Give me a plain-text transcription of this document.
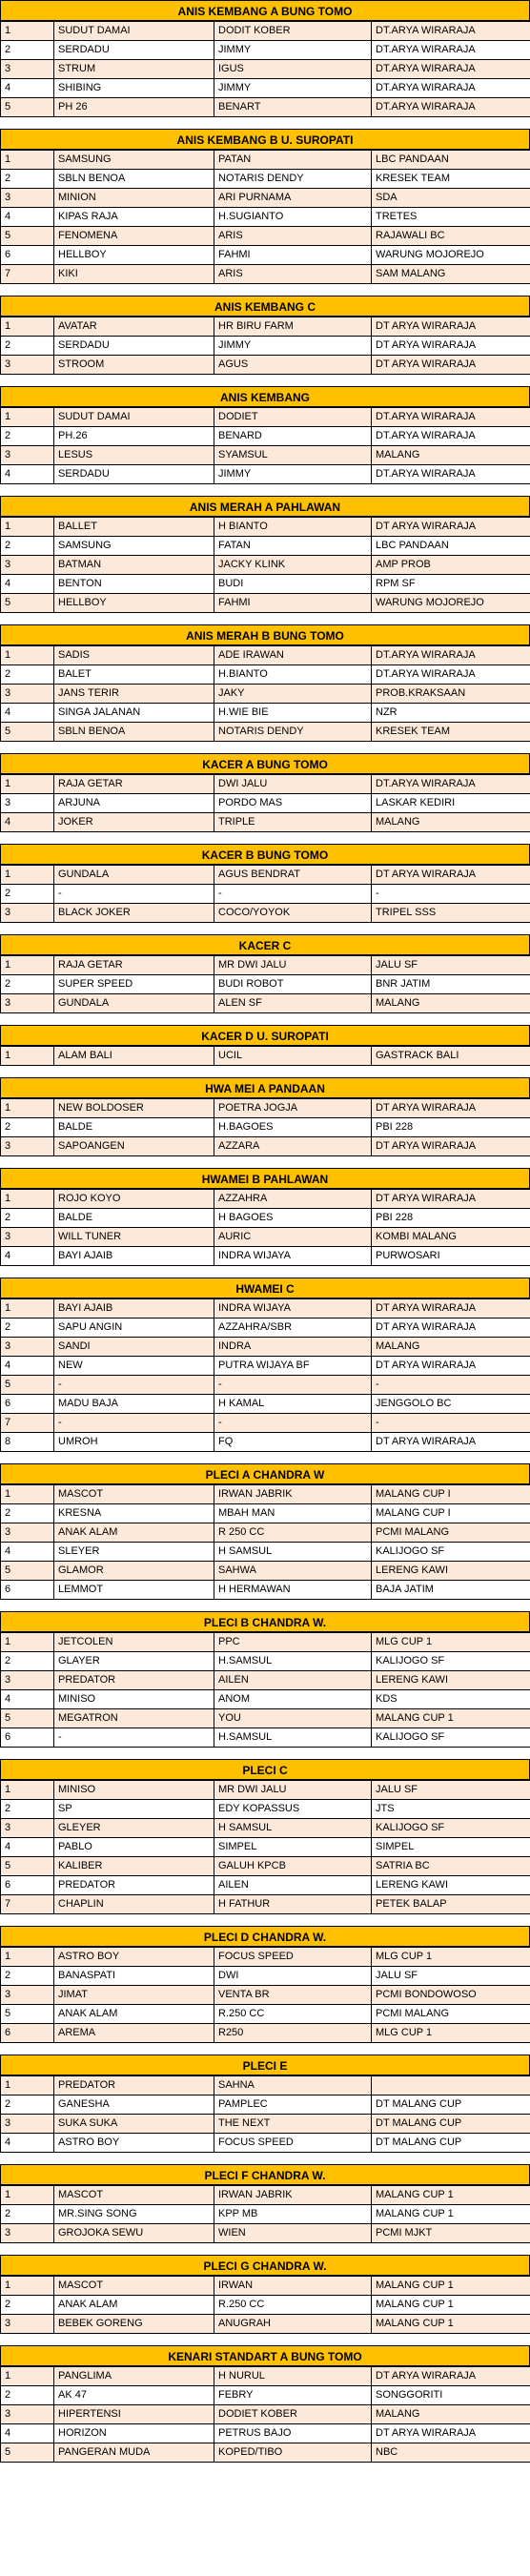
ANIS KEMBANG A BUNG TOMO
1	SUDUT DAMAI	DODIT KOBER	DT.ARYA WIRARAJA
2	SERDADU	JIMMY	DT.ARYA WIRARAJA
3	STRUM	IGUS	DT.ARYA WIRARAJA
4	SHIBING	JIMMY	DT.ARYA WIRARAJA
5	PH 26	BENART	DT.ARYA WIRARAJA
ANIS KEMBANG B U. SUROPATI
1	SAMSUNG	PATAN	LBC PANDAAN
2	SBLN BENOA	NOTARIS DENDY	KRESEK TEAM
3	MINION	ARI PURNAMA	SDA
4	KIPAS RAJA	H.SUGIANTO	TRETES
5	FENOMENA	ARIS	RAJAWALI BC
6	HELLBOY	FAHMI	WARUNG MOJOREJO
7	KIKI	ARIS	SAM MALANG
ANIS KEMBANG C
1	AVATAR	HR BIRU FARM	DT ARYA WIRARAJA
2	SERDADU	JIMMY	DT ARYA WIRARAJA
3	STROOM	AGUS	DT ARYA WIRARAJA
ANIS KEMBANG
1	SUDUT DAMAI	DODIET	DT.ARYA WIRARAJA
2	PH.26	BENARD	DT.ARYA WIRARAJA
3	LESUS	SYAMSUL	MALANG
4	SERDADU	JIMMY	DT.ARYA WIRARAJA
ANIS MERAH A PAHLAWAN
1	BALLET	H BIANTO	DT ARYA WIRARAJA
2	SAMSUNG	FATAN	LBC PANDAAN
3	BATMAN	JACKY KLINK	AMP PROB
4	BENTON	BUDI	RPM SF
5	HELLBOY	FAHMI	WARUNG MOJOREJO
ANIS MERAH B BUNG TOMO
1	SADIS	ADE IRAWAN	DT.ARYA WIRARAJA
2	BALET	H.BIANTO	DT.ARYA WIRARAJA
3	JANS TERIR	JAKY	PROB.KRAKSAAN
4	SINGA JALANAN	H.WIE BIE	NZR
5	SBLN BENOA	NOTARIS DENDY	KRESEK TEAM
KACER A BUNG TOMO
1	RAJA GETAR	DWI JALU	DT.ARYA WIRARAJA
3	ARJUNA	PORDO MAS	LASKAR KEDIRI
4	JOKER	TRIPLE	MALANG
KACER B BUNG TOMO
1	GUNDALA	AGUS BENDRAT	DT ARYA WIRARAJA
2	-	-	-
3	BLACK JOKER	COCO/YOYOK	TRIPEL SSS
KACER C
1	RAJA GETAR	MR DWI JALU	JALU SF
2	SUPER SPEED	BUDI ROBOT	BNR JATIM
3	GUNDALA	ALEN SF	MALANG
KACER D U. SUROPATI
1	ALAM BALI	UCIL	GASTRACK BALI
HWA MEI A PANDAAN
1	NEW BOLDOSER	POETRA JOGJA	DT ARYA WIRARAJA
2	BALDE	H.BAGOES	PBI 228
3	SAPOANGEN	AZZARA	DT ARYA WIRARAJA
HWAMEI B PAHLAWAN
1	ROJO KOYO	AZZAHRA	DT ARYA WIRARAJA
2	BALDE	H BAGOES	PBI 228
3	WILL TUNER	AURIC	KOMBI MALANG
4	BAYI AJAIB	INDRA WIJAYA	PURWOSARI
HWAMEI C
1	BAYI AJAIB	INDRA WIJAYA	DT ARYA WIRARAJA
2	SAPU ANGIN	AZZAHRA/SBR	DT ARYA WIRARAJA
3	SANDI	INDRA	MALANG
4	NEW	PUTRA WIJAYA BF	DT ARYA WIRARAJA
5	-	-	-
6	MADU BAJA	H KAMAL	JENGGOLO BC
7	-	-	-
8	UMROH	FQ	DT ARYA WIRARAJA
PLECI A CHANDRA W
1	MASCOT	IRWAN JABRIK	MALANG CUP I
2	KRESNA	MBAH MAN	MALANG CUP I
3	ANAK ALAM	R 250 CC	PCMI MALANG
4	SLEYER	H SAMSUL	KALIJOGO SF
5	GLAMOR	SAHWA	LERENG KAWI
6	LEMMOT	H HERMAWAN	BAJA JATIM
PLECI B CHANDRA W.
1	JETCOLEN	PPC	MLG CUP 1
2	GLAYER	H.SAMSUL	KALIJOGO SF
3	PREDATOR	AILEN	LERENG KAWI
4	MINISO	ANOM	KDS
5	MEGATRON	YOU	MALANG CUP 1
6	-	H.SAMSUL	KALIJOGO SF
PLECI C
1	MINISO	MR DWI JALU	JALU SF
2	SP	EDY KOPASSUS	JTS
3	GLEYER	H SAMSUL	KALIJOGO SF
4	PABLO	SIMPEL	SIMPEL
5	KALIBER	GALUH KPCB	SATRIA BC
6	PREDATOR	AILEN	LERENG KAWI
7	CHAPLIN	H FATHUR	PETEK BALAP
PLECI D CHANDRA W.
1	ASTRO BOY	FOCUS SPEED	MLG CUP 1
2	BANASPATI	DWI	JALU SF
3	JIMAT	VENTA BR	PCMI BONDOWOSO
5	ANAK ALAM	R.250 CC	PCMI MALANG
6	AREMA	R250	MLG CUP 1
PLECI E
1	PREDATOR	SAHNA	
2	GANESHA	PAMPLEC	DT MALANG CUP
3	SUKA SUKA	THE NEXT	DT MALANG CUP
4	ASTRO BOY	FOCUS SPEED	DT MALANG CUP
PLECI F CHANDRA W.
1	MASCOT	IRWAN JABRIK	MALANG CUP 1
2	MR.SING SONG	KPP MB	MALANG CUP 1
3	GROJOKA SEWU	WIEN	PCMI MJKT
PLECI G CHANDRA W.
1	MASCOT	IRWAN	MALANG CUP 1
2	ANAK ALAM	R.250 CC	MALANG CUP 1
3	BEBEK GORENG	ANUGRAH	MALANG CUP 1
KENARI STANDART A BUNG TOMO
1	PANGLIMA	H NURUL	DT ARYA WIRARAJA
2	AK 47	FEBRY	SONGGORITI
3	HIPERTENSI	DODIET KOBER	MALANG
4	HORIZON	PETRUS BAJO	DT ARYA WIRARAJA
5	PANGERAN MUDA	KOPED/TIBO	NBC
